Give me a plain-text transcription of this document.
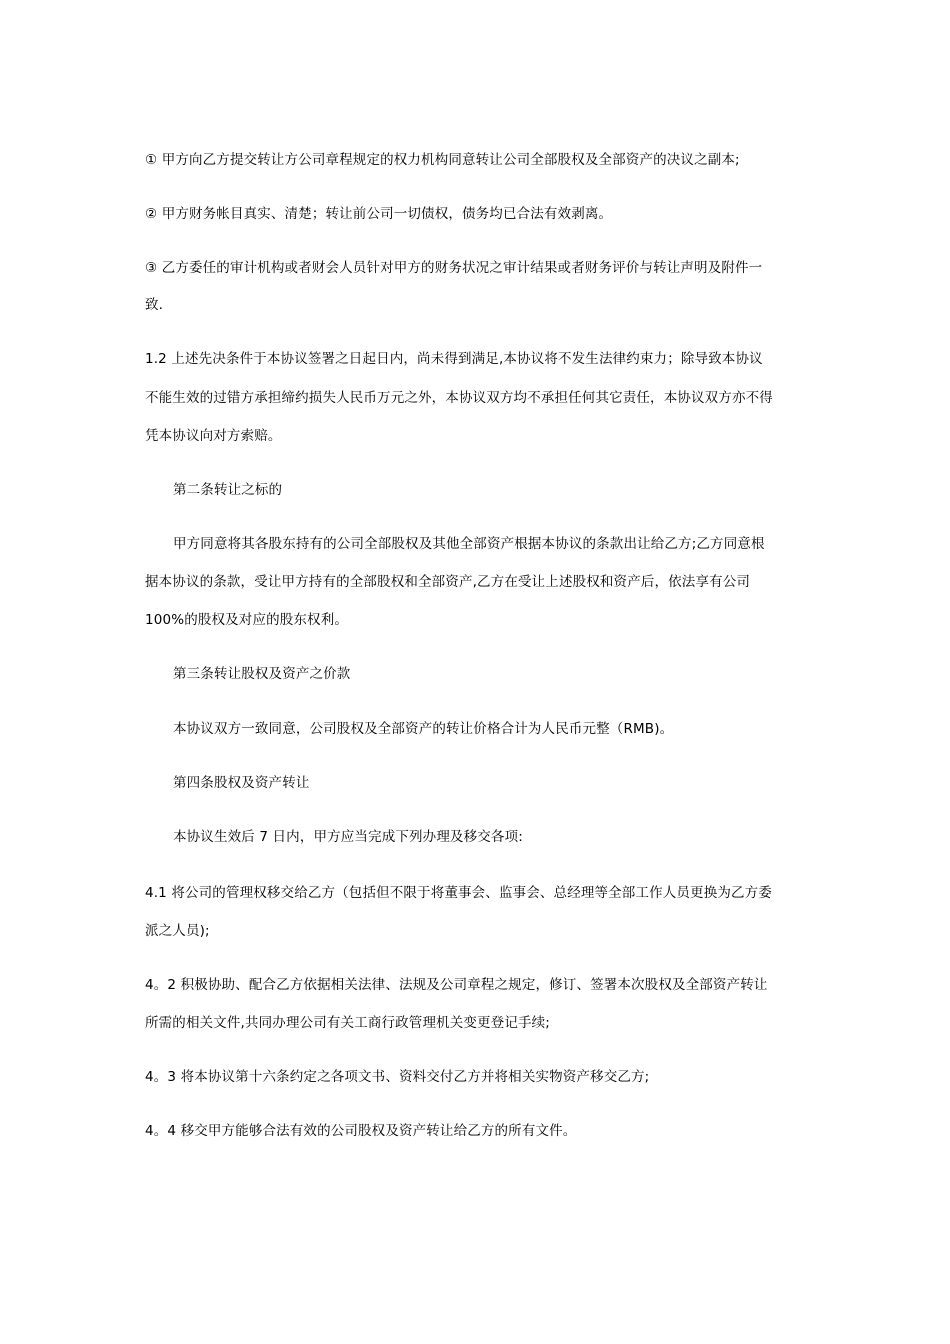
① 甲方向乙方提交转让方公司章程规定的权力机构同意转让公司全部股权及全部资产的决议之副本;
② 甲方财务帐目真实、清楚；转让前公司一切债权，债务均已合法有效剥离。
③ 乙方委任的审计机构或者财会人员针对甲方的财务状况之审计结果或者财务评价与转让声明及附件一
致.
1.2 上述先决条件于本协议签署之日起日内，尚未得到满足,本协议将不发生法律约束力；除导致本协议
不能生效的过错方承担缔约损失人民币万元之外，本协议双方均不承担任何其它责任，本协议双方亦不得
凭本协议向对方索赔。
第二条转让之标的
甲方同意将其各股东持有的公司全部股权及其他全部资产根据本协议的条款出让给乙方;乙方同意根
据本协议的条款，受让甲方持有的全部股权和全部资产,乙方在受让上述股权和资产后，依法享有公司
100%的股权及对应的股东权利。
第三条转让股权及资产之价款
本协议双方一致同意，公司股权及全部资产的转让价格合计为人民币元整（RMB)。
第四条股权及资产转让
本协议生效后 7 日内，甲方应当完成下列办理及移交各项:
4.1 将公司的管理权移交给乙方（包括但不限于将董事会、监事会、总经理等全部工作人员更换为乙方委
派之人员);
4。2 积极协助、配合乙方依据相关法律、法规及公司章程之规定，修订、签署本次股权及全部资产转让
所需的相关文件,共同办理公司有关工商行政管理机关变更登记手续;
4。3 将本协议第十六条约定之各项文书、资料交付乙方并将相关实物资产移交乙方;
4。4 移交甲方能够合法有效的公司股权及资产转让给乙方的所有文件。
